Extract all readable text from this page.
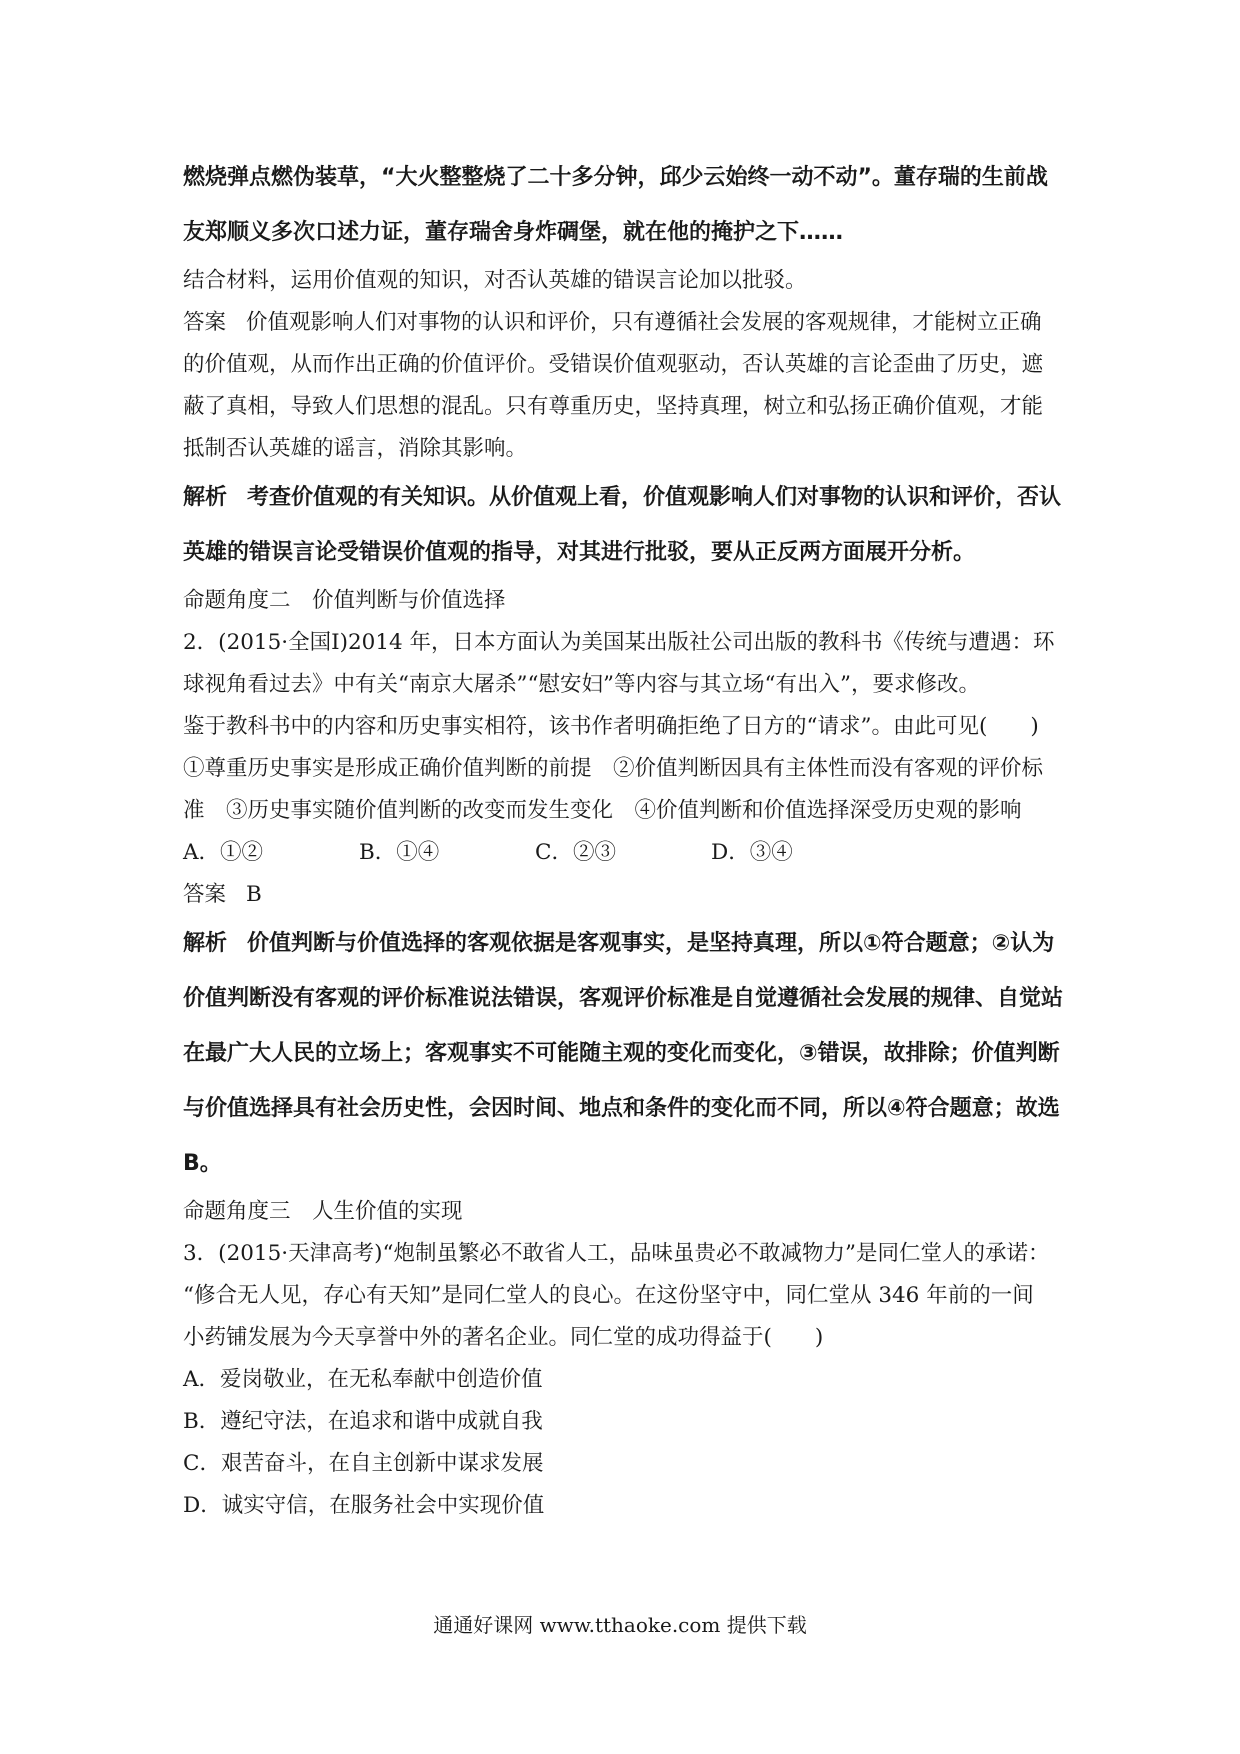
燃烧弹点燃伪装草，“大火整整烧了二十多分钟，邱少云始终一动不动”。董存瑞的生前战

友郑顺义多次口述力证，董存瑞舍身炸碉堡，就在他的掩护之下……

结合材料，运用价值观的知识，对否认英雄的错误言论加以批驳。

答案 价值观影响人们对事物的认识和评价，只有遵循社会发展的客观规律，才能树立正确

的价值观，从而作出正确的价值评价。受错误价值观驱动，否认英雄的言论歪曲了历史，遮

蔽了真相，导致人们思想的混乱。只有尊重历史，坚持真理，树立和弘扬正确价值观，才能

抵制否认英雄的谣言，消除其影响。

解析 考查价值观的有关知识。从价值观上看，价值观影响人们对事物的认识和评价，否认

英雄的错误言论受错误价值观的指导，对其进行批驳，要从正反两方面展开分析。

命题角度二　价值判断与价值选择

2．(2015·全国Ⅰ)2014 年，日本方面认为美国某出版社公司出版的教科书《传统与遭遇：环

球视角看过去》中有关“南京大屠杀”“慰安妇”等内容与其立场“有出入”，要求修改。

鉴于教科书中的内容和历史事实相符，该书作者明确拒绝了日方的“请求”。由此可见(　　)

①尊重历史事实是形成正确价值判断的前提　②价值判断因具有主体性而没有客观的评价标

准　③历史事实随价值判断的改变而发生变化　④价值判断和价值选择深受历史观的影响

A．①②	B．①④	C．②③	D．③④

答案 B

解析 价值判断与价值选择的客观依据是客观事实，是坚持真理，所以①符合题意；②认为

价值判断没有客观的评价标准说法错误，客观评价标准是自觉遵循社会发展的规律、自觉站

在最广大人民的立场上；客观事实不可能随主观的变化而变化，③错误，故排除；价值判断

与价值选择具有社会历史性，会因时间、地点和条件的变化而不同，所以④符合题意；故选

B。

命题角度三　人生价值的实现

3．(2015·天津高考)“炮制虽繁必不敢省人工，品味虽贵必不敢减物力”是同仁堂人的承诺：

“修合无人见，存心有天知”是同仁堂人的良心。在这份坚守中，同仁堂从 346 年前的一间

小药铺发展为今天享誉中外的著名企业。同仁堂的成功得益于(　　)

A．爱岗敬业，在无私奉献中创造价值

B．遵纪守法，在追求和谐中成就自我

C．艰苦奋斗，在自主创新中谋求发展

D．诚实守信，在服务社会中实现价值

通通好课网 www.tthaoke.com 提供下载
